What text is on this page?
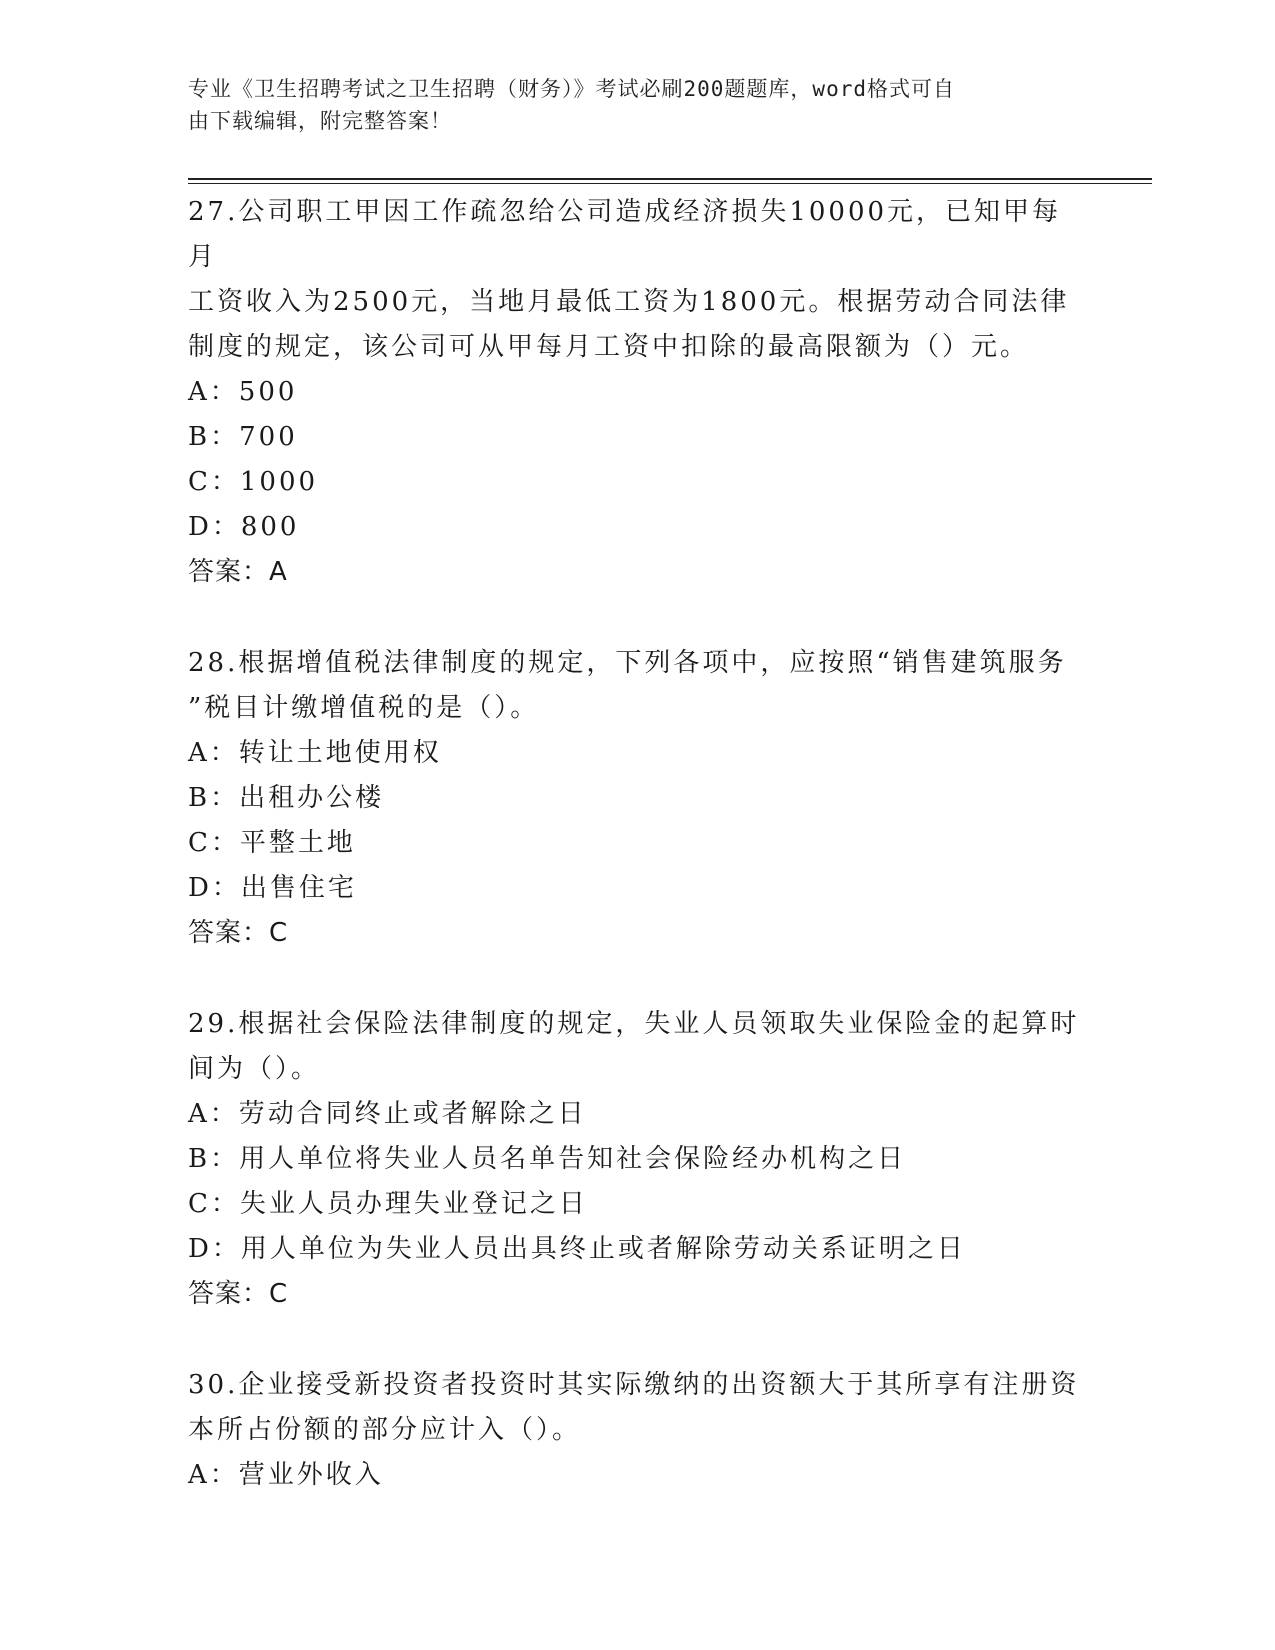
专业《卫生招聘考试之卫生招聘（财务）》考试必刷200题题库，word格式可自
由下载编辑，附完整答案！

27.公司职工甲因工作疏忽给公司造成经济损失10000元，已知甲每月

工资收入为2500元，当地月最低工资为1800元。根据劳动合同法律

制度的规定，该公司可从甲每月工资中扣除的最高限额为（）元。

A：500

B：700

C：1000

D：800

答案：A

28.根据增值税法律制度的规定，下列各项中，应按照“销售建筑服务

”税目计缴增值税的是（）。

A：转让土地使用权

B：出租办公楼

C：平整土地

D：出售住宅

答案：C

29.根据社会保险法律制度的规定，失业人员领取失业保险金的起算时

间为（）。

A：劳动合同终止或者解除之日

B：用人单位将失业人员名单告知社会保险经办机构之日

C：失业人员办理失业登记之日

D：用人单位为失业人员出具终止或者解除劳动关系证明之日

答案：C

30.企业接受新投资者投资时其实际缴纳的出资额大于其所享有注册资

本所占份额的部分应计入（）。

A：营业外收入
